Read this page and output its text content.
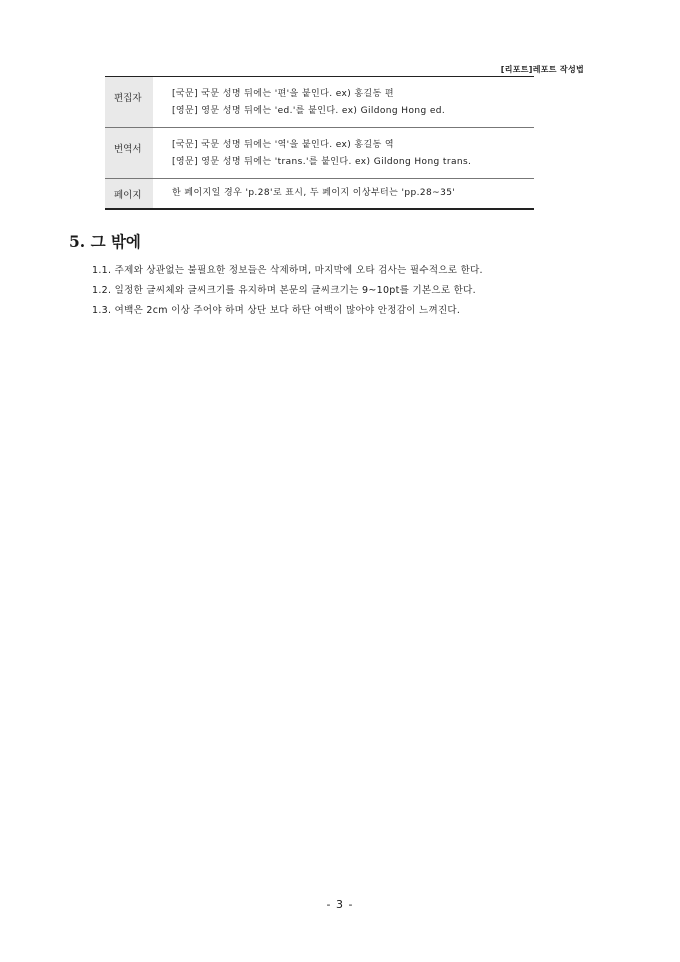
[리포트]레포트 작성법
편집자	[국문] 국문 성명 뒤에는 '편'을 붙인다. ex) 홍길동 편
[영문] 영문 성명 뒤에는 'ed.'를 붙인다. ex) Gildong Hong ed.
번역서	[국문] 국문 성명 뒤에는 '역'을 붙인다. ex) 홍길동 역
[영문] 영문 성명 뒤에는 'trans.'를 붙인다. ex) Gildong Hong trans.
페이지	한 페이지일 경우 'p.28'로 표시, 두 페이지 이상부터는 'pp.28~35'
5. 그 밖에
1.1. 주제와 상관없는 불필요한 정보들은 삭제하며, 마지막에 오타 검사는 필수적으로 한다.
1.2. 일정한 글씨체와 글씨크기를 유지하며 본문의 글씨크기는 9~10pt를 기본으로 한다.
1.3. 여백은 2cm 이상 주어야 하며 상단 보다 하단 여백이 많아야 안정감이 느껴진다.
- 3 -
